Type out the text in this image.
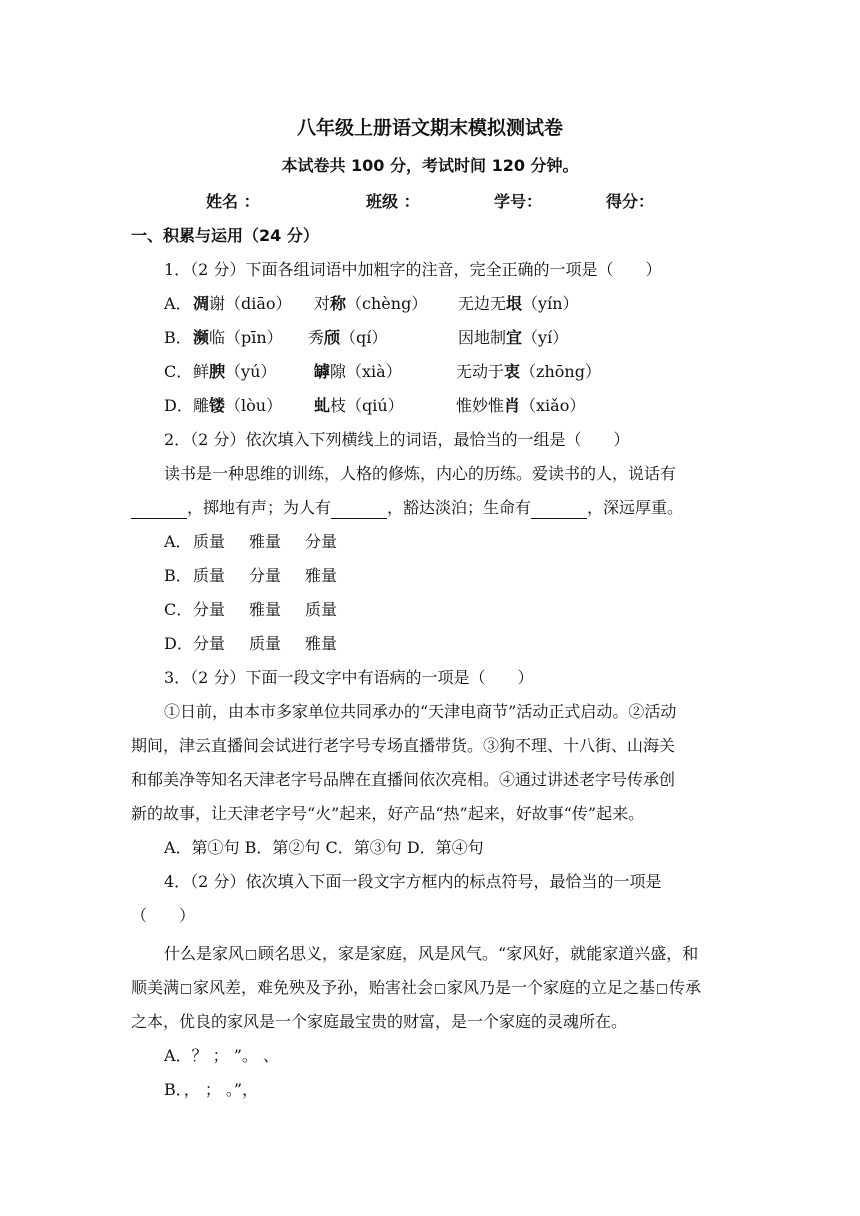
八年级上册语文期末模拟测试卷
本试卷共 100 分，考试时间 120 分钟。
姓名 ：	班级 ：	学号：	得分：
一、积累与运用（24 分）
1．（2 分）下面各组词语中加粗字的注音，完全正确的一项是（　　）
A． 凋谢（diāo） 对称（chèng） 无边无垠（yín）
B． 濒临（pīn） 秀颀（qí）	因地制宜（yí）
C． 鲜腴（yú） 罅隙（xià）	无动于衷（zhōng）
D． 雕镂（lòu） 虬枝（qiú）	惟妙惟肖（xiǎo）
2．（2 分）依次填入下列横线上的词语，最恰当的一组是（　　）
读书是一种思维的训练，人格的修炼，内心的历练。爱读书的人，说话有
，掷地有声；为人有	，豁达淡泊；生命有	，深远厚重。
A． 质量 雅量 分量
B． 质量 分量 雅量
C． 分量 雅量 质量
D． 分量 质量 雅量
3．（2 分）下面一段文字中有语病的一项是（　　）
①日前，由本市多家单位共同承办的“天津电商节”活动正式启动。②活动
期间，津云直播间会试进行老字号专场直播带货。③狗不理、十八街、山海关
和郁美净等知名天津老字号品牌在直播间依次亮相。④通过讲述老字号传承创
新的故事，让天津老字号“火”起来，好产品“热”起来，好故事“传”起来。
A．第①句 B．第②句 C．第③句 D．第④句
4．（2 分）依次填入下面一段文字方框内的标点符号，最恰当的一项是
（　　）
什么是家风 顾名思义，家是家庭，风是风气。“家风好，就能家道兴盛，和
顺美满 家风差，难免殃及予孙，贻害社会 家风乃是一个家庭的立足之基 传承
之本，优良的家风是一个家庭最宝贵的财富，是一个家庭的灵魂所在。
A．？ ； ”。 、
B．， ； 。”，
